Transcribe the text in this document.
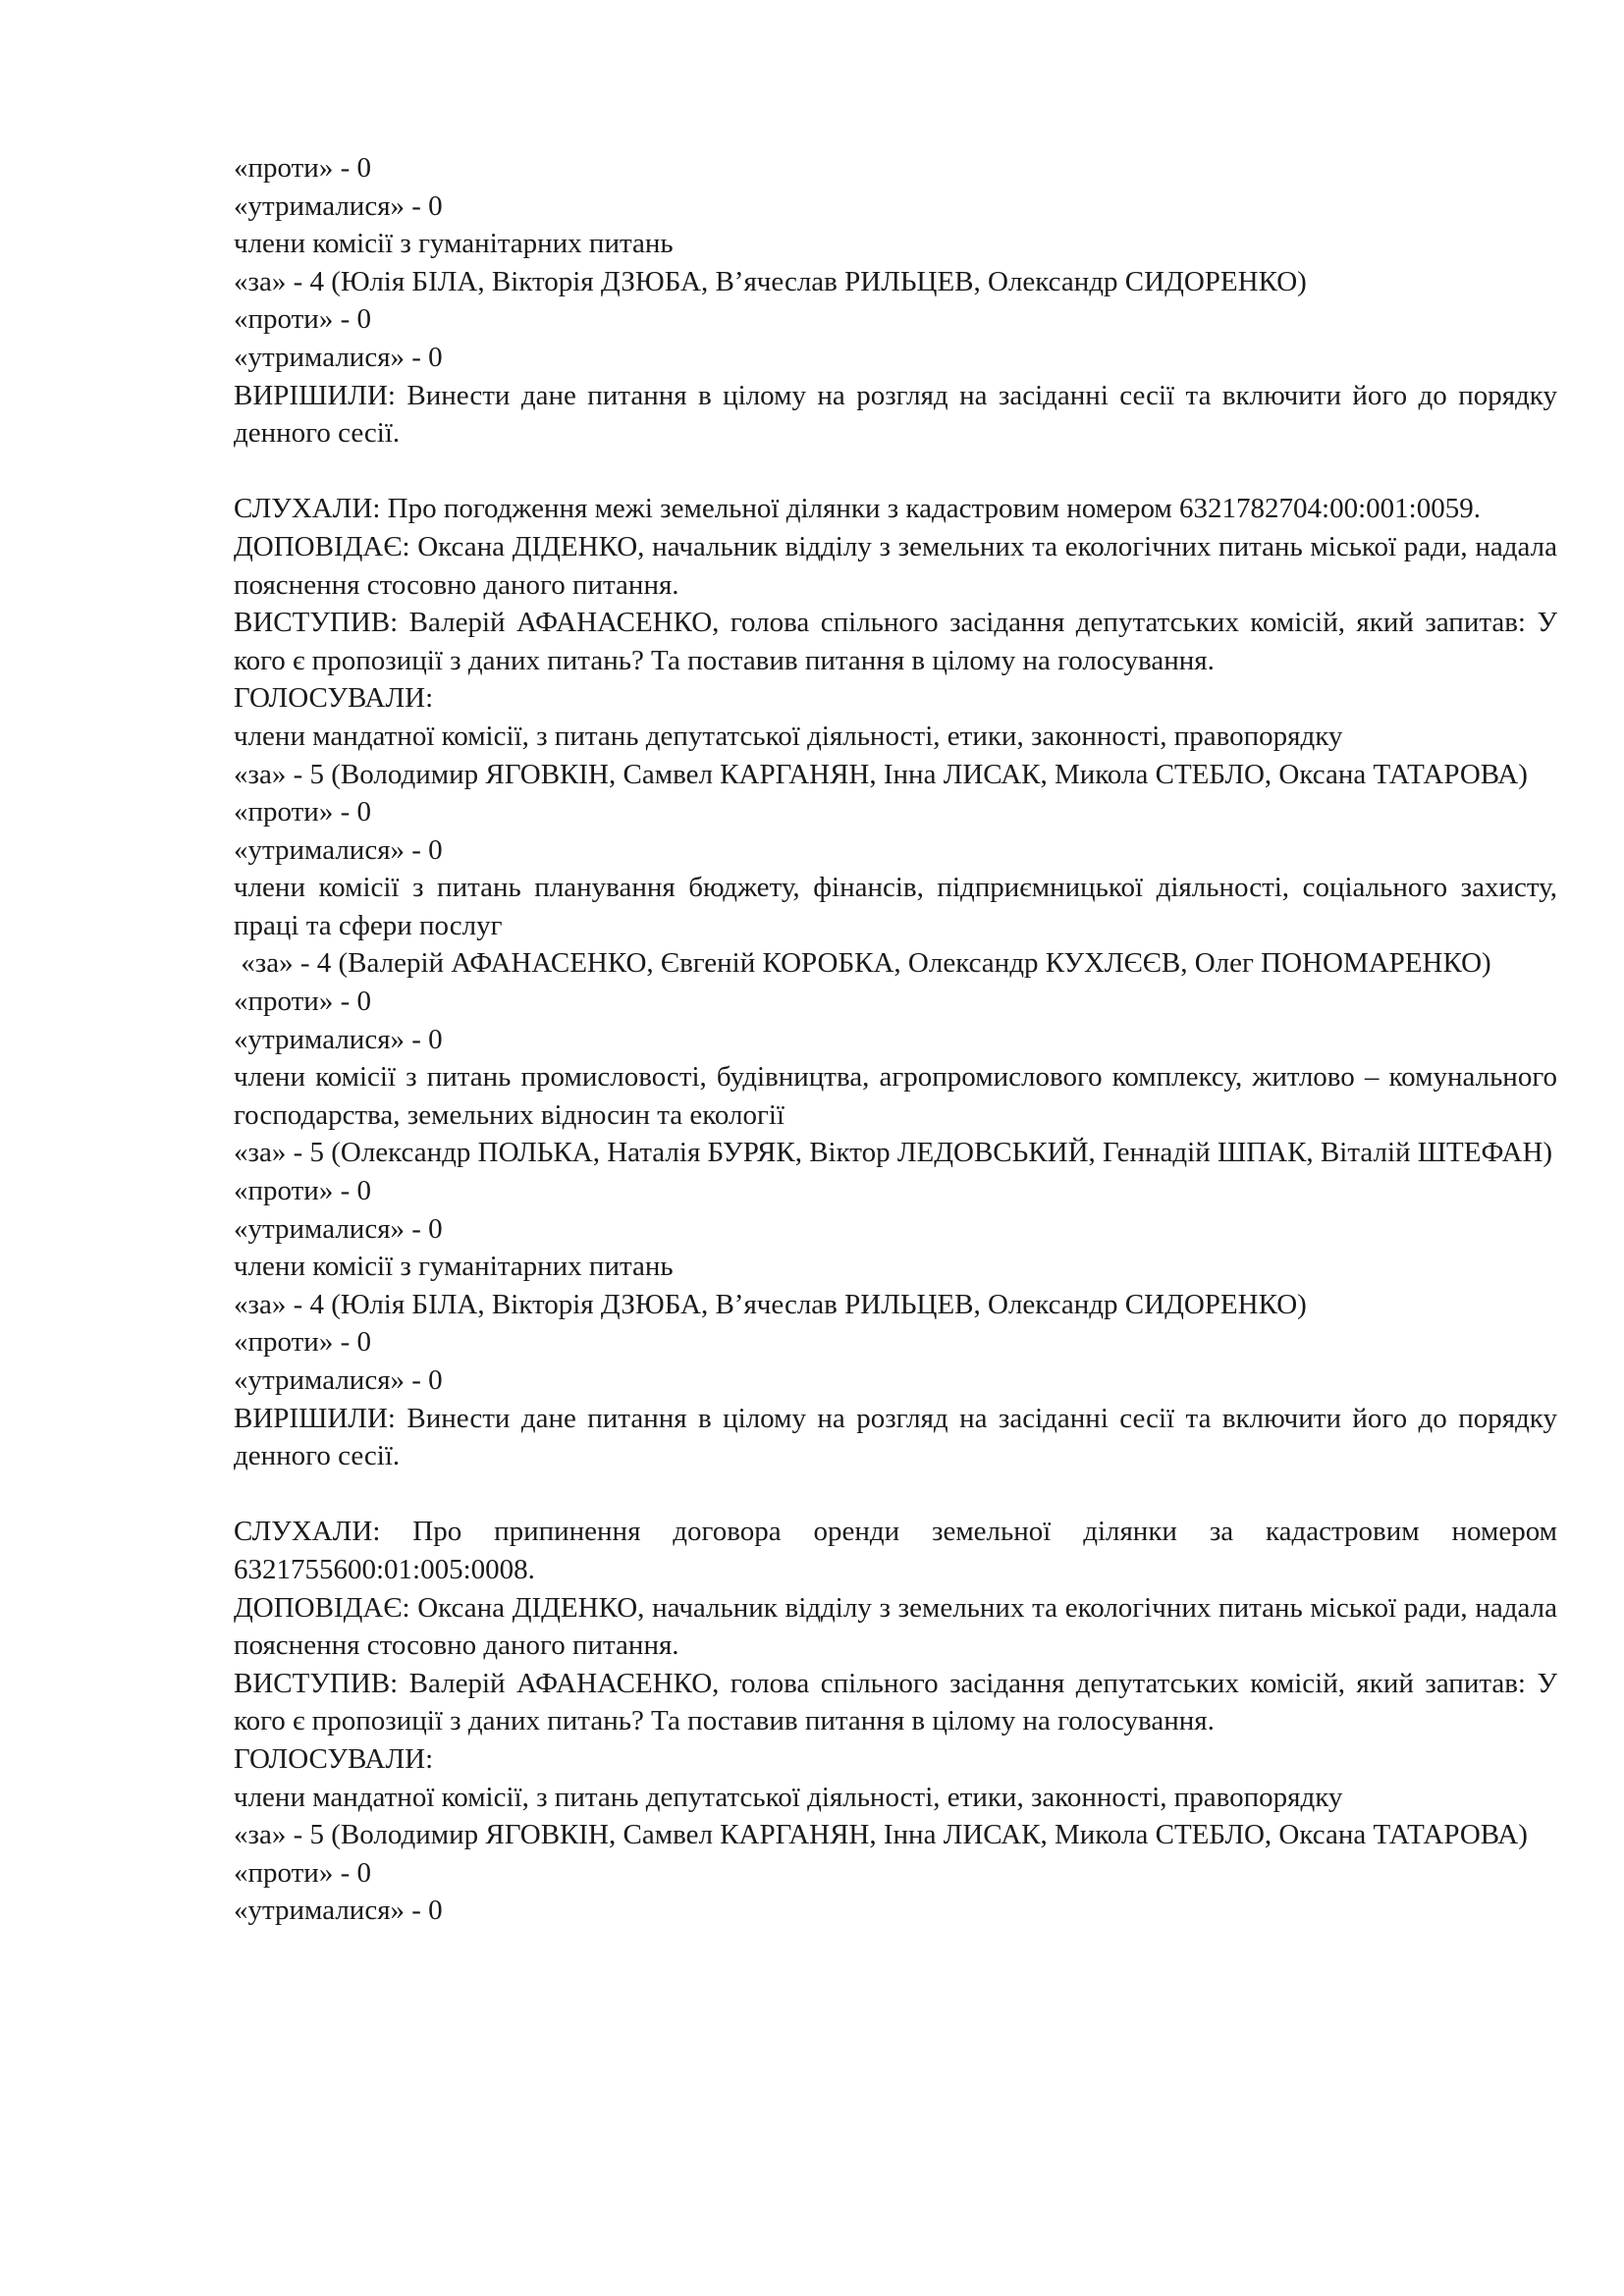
«проти» - 0
«утрималися» - 0
члени комісії з гуманітарних питань
«за» - 4 (Юлія БІЛА, Вікторія ДЗЮБА, В’ячеслав РИЛЬЦЕВ, Олександр СИДОРЕНКО)
«проти» - 0
«утрималися» - 0
ВИРІШИЛИ: Винести дане питання в цілому на розгляд на засіданні сесії та включити його до порядку денного сесії.
СЛУХАЛИ: Про погодження межі земельної ділянки з кадастровим номером 6321782704:00:001:0059.
ДОПОВІДАЄ: Оксана ДІДЕНКО, начальник відділу з земельних та екологічних питань міської ради, надала пояснення стосовно даного питання.
ВИСТУПИВ: Валерій АФАНАСЕНКО, голова спільного засідання депутатських комісій, який запитав: У кого є пропозиції з даних питань? Та поставив питання в цілому на голосування.
ГОЛОСУВАЛИ:
члени мандатної комісії, з питань депутатської діяльності, етики, законності, правопорядку
«за» - 5 (Володимир ЯГОВКІН, Самвел КАРГАНЯН, Інна ЛИСАК, Микола СТЕБЛО, Оксана ТАТАРОВА)
«проти» - 0
«утрималися» - 0
члени комісії з питань планування бюджету, фінансів, підприємницької діяльності, соціального захисту, праці та сфери послуг
«за» - 4 (Валерій АФАНАСЕНКО, Євгеній КОРОБКА, Олександр КУХЛЄЄВ, Олег ПОНОМАРЕНКО)
«проти» - 0
«утрималися» - 0
члени комісії з питань промисловості, будівництва, агропромислового комплексу, житлово – комунального господарства, земельних відносин та екології
«за» - 5 (Олександр ПОЛЬКА, Наталія БУРЯК, Віктор ЛЕДОВСЬКИЙ, Геннадій ШПАК, Віталій ШТЕФАН)
«проти» - 0
«утрималися» - 0
члени комісії з гуманітарних питань
«за» - 4 (Юлія БІЛА, Вікторія ДЗЮБА, В’ячеслав РИЛЬЦЕВ, Олександр СИДОРЕНКО)
«проти» - 0
«утрималися» - 0
ВИРІШИЛИ: Винести дане питання в цілому на розгляд на засіданні сесії та включити його до порядку денного сесії.
СЛУХАЛИ: Про припинення договора оренди земельної ділянки за кадастровим номером 6321755600:01:005:0008.
ДОПОВІДАЄ: Оксана ДІДЕНКО, начальник відділу з земельних та екологічних питань міської ради, надала пояснення стосовно даного питання.
ВИСТУПИВ: Валерій АФАНАСЕНКО, голова спільного засідання депутатських комісій, який запитав: У кого є пропозиції з даних питань? Та поставив питання в цілому на голосування.
ГОЛОСУВАЛИ:
члени мандатної комісії, з питань депутатської діяльності, етики, законності, правопорядку
«за» - 5 (Володимир ЯГОВКІН, Самвел КАРГАНЯН, Інна ЛИСАК, Микола СТЕБЛО, Оксана ТАТАРОВА)
«проти» - 0
«утрималися» - 0
